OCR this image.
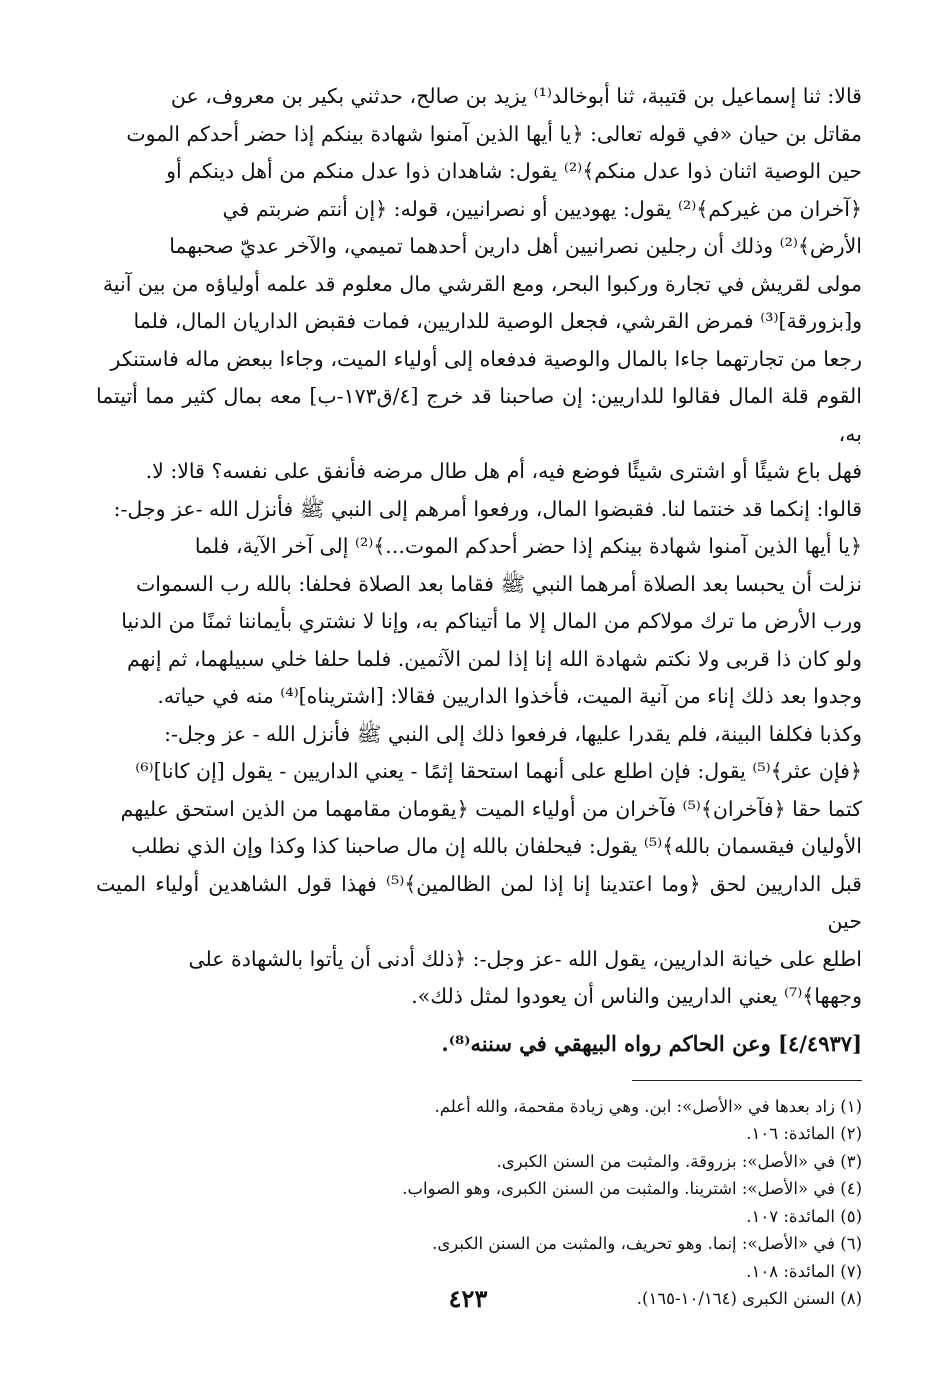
قالا: ثنا إسماعيل بن قتيبة، ثنا أبوخالد⁽¹⁾ يزيد بن صالح، حدثني بكير بن معروف، عن

مقاتل بن حيان «في قوله تعالى: ﴿يا أيها الذين آمنوا شهادة بينكم إذا حضر أحدكم الموت

حين الوصية اثنان ذوا عدل منكم﴾⁽²⁾ يقول: شاهدان ذوا عدل منكم من أهل دينكم أو

﴿آخران من غيركم﴾⁽²⁾ يقول: يهوديين أو نصرانيين، قوله: ﴿إن أنتم ضربتم في

الأرض﴾⁽²⁾ وذلك أن رجلين نصرانيين أهل دارين أحدهما تميمي، والآخر عديّ صحبهما

مولى لقريش في تجارة وركبوا البحر، ومع القرشي مال معلوم قد علمه أولياؤه من بين آنية

و[بزورقة]⁽³⁾ فمرض القرشي، فجعل الوصية للداريين، فمات فقبض الداريان المال، فلما

رجعا من تجارتهما جاءا بالمال والوصية فدفعاه إلى أولياء الميت، وجاءا ببعض ماله فاستنكر

القوم قلة المال فقالوا للداريين: إن صاحبنا قد خرج [٤/ق١٧٣-ب] معه بمال كثير مما أتيتما به،

فهل باع شيئًا أو اشترى شيئًا فوضع فيه، أم هل طال مرضه فأنفق على نفسه؟ قالا: لا.

قالوا: إنكما قد خنتما لنا. فقبضوا المال، ورفعوا أمرهم إلى النبي ﷺ فأنزل الله -عز وجل-:

﴿يا أيها الذين آمنوا شهادة بينكم إذا حضر أحدكم الموت...﴾⁽²⁾ إلى آخر الآية، فلما

نزلت أن يحبسا بعد الصلاة أمرهما النبي ﷺ فقاما بعد الصلاة فحلفا: بالله رب السموات

ورب الأرض ما ترك مولاكم من المال إلا ما أتيناكم به، وإنا لا نشتري بأيماننا ثمنًا من الدنيا

ولو كان ذا قربى ولا نكتم شهادة الله إنا إذا لمن الآثمين. فلما حلفا خلي سبيلهما، ثم إنهم

وجدوا بعد ذلك إناء من آنية الميت، فأخذوا الداريين فقالا: [اشتريناه]⁽⁴⁾ منه في حياته.

وكذبا فكلفا البينة، فلم يقدرا عليها، فرفعوا ذلك إلى النبي ﷺ فأنزل الله - عز وجل-:

﴿فإن عثر﴾⁽⁵⁾ يقول: فإن اطلع على أنهما استحقا إثمًا - يعني الداريين - يقول [إن كانا]⁽⁶⁾

كتما حقا ﴿فآخران﴾⁽⁵⁾ فآخران من أولياء الميت ﴿يقومان مقامهما من الذين استحق عليهم

الأوليان فيقسمان بالله﴾⁽⁵⁾ يقول: فيحلفان بالله إن مال صاحبنا كذا وكذا وإن الذي نطلب

قبل الداريين لحق ﴿وما اعتدينا إنا إذا لمن الظالمين﴾⁽⁵⁾ فهذا قول الشاهدين أولياء الميت حين

اطلع على خيانة الداريين، يقول الله -عز وجل-: ﴿ذلك أدنى أن يأتوا بالشهادة على

وجهها﴾⁽⁷⁾ يعني الداريين والناس أن يعودوا لمثل ذلك».

[٤/٤٩٣٧] وعن الحاكم رواه البيهقي في سننه⁽⁸⁾.
(١) زاد بعدها في «الأصل»: ابن. وهي زيادة مقحمة، والله أعلم.
(٢) المائدة: ١٠٦.
(٣) في «الأصل»: بزروقة. والمثبت من السنن الكبرى.
(٤) في «الأصل»: اشترينا. والمثبت من السنن الكبرى، وهو الصواب.
(٥) المائدة: ١٠٧.
(٦) في «الأصل»: إنما. وهو تحريف، والمثبت من السنن الكبرى.
(٧) المائدة: ١٠٨.
(٨) السنن الكبرى (١٠/١٦٤-١٦٥).
٤٢٣
